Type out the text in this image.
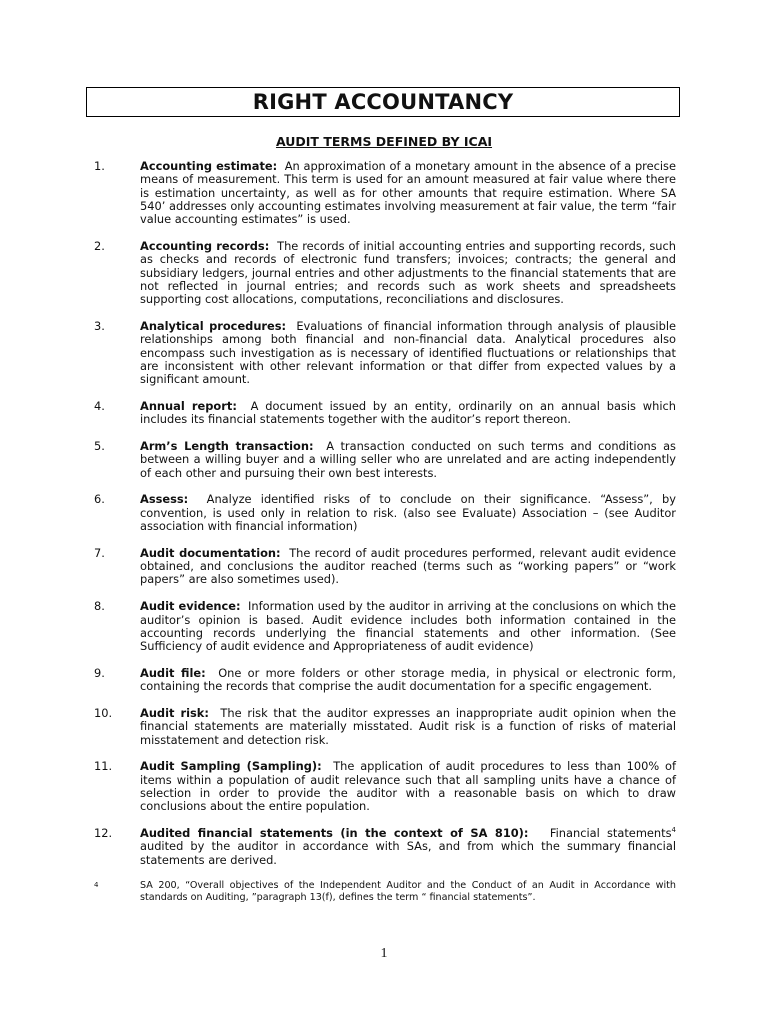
RIGHT ACCOUNTANCY
AUDIT TERMS DEFINED BY ICAI
1.	Accounting estimate: An approximation of a monetary amount in the absence of a precise means of measurement. This term is used for an amount measured at fair value where there is estimation uncertainty, as well as for other amounts that require estimation. Where SA 540’ addresses only accounting estimates involving measurement at fair value, the term “fair value accounting estimates” is used.
2.	Accounting records: The records of initial accounting entries and supporting records, such as checks and records of electronic fund transfers; invoices; contracts; the general and subsidiary ledgers, journal entries and other adjustments to the financial statements that are not reflected in journal entries; and records such as work sheets and spreadsheets supporting cost allocations, computations, reconciliations and disclosures.
3.	Analytical procedures: Evaluations of financial information through analysis of plausible relationships among both financial and non-financial data. Analytical procedures also encompass such investigation as is necessary of identified fluctuations or relationships that are inconsistent with other relevant information or that differ from expected values by a significant amount.
4.	Annual report: A document issued by an entity, ordinarily on an annual basis which includes its financial statements together with the auditor’s report thereon.
5.	Arm’s Length transaction: A transaction conducted on such terms and conditions as between a willing buyer and a willing seller who are unrelated and are acting independently of each other and pursuing their own best interests.
6.	Assess: Analyze identified risks of to conclude on their significance. “Assess”, by convention, is used only in relation to risk. (also see Evaluate) Association – (see Auditor association with financial information)
7.	Audit documentation: The record of audit procedures performed, relevant audit evidence obtained, and conclusions the auditor reached (terms such as “working papers” or “work papers” are also sometimes used).
8.	Audit evidence: Information used by the auditor in arriving at the conclusions on which the auditor’s opinion is based. Audit evidence includes both information contained in the accounting records underlying the financial statements and other information. (See Sufficiency of audit evidence and Appropriateness of audit evidence)
9.	Audit file: One or more folders or other storage media, in physical or electronic form, containing the records that comprise the audit documentation for a specific engagement.
10.	Audit risk: The risk that the auditor expresses an inappropriate audit opinion when the financial statements are materially misstated. Audit risk is a function of risks of material misstatement and detection risk.
11.	Audit Sampling (Sampling): The application of audit procedures to less than 100% of items within a population of audit relevance such that all sampling units have a chance of selection in order to provide the auditor with a reasonable basis on which to draw conclusions about the entire population.
12.	Audited financial statements (in the context of SA 810): Financial statements$^4$ audited by the auditor in accordance with SAs, and from which the summary financial statements are derived.
4	SA 200, “Overall objectives of the Independent Auditor and the Conduct of an Audit in Accordance with standards on Auditing, ”paragraph 13(f), defines the term “ financial statements”.
1
